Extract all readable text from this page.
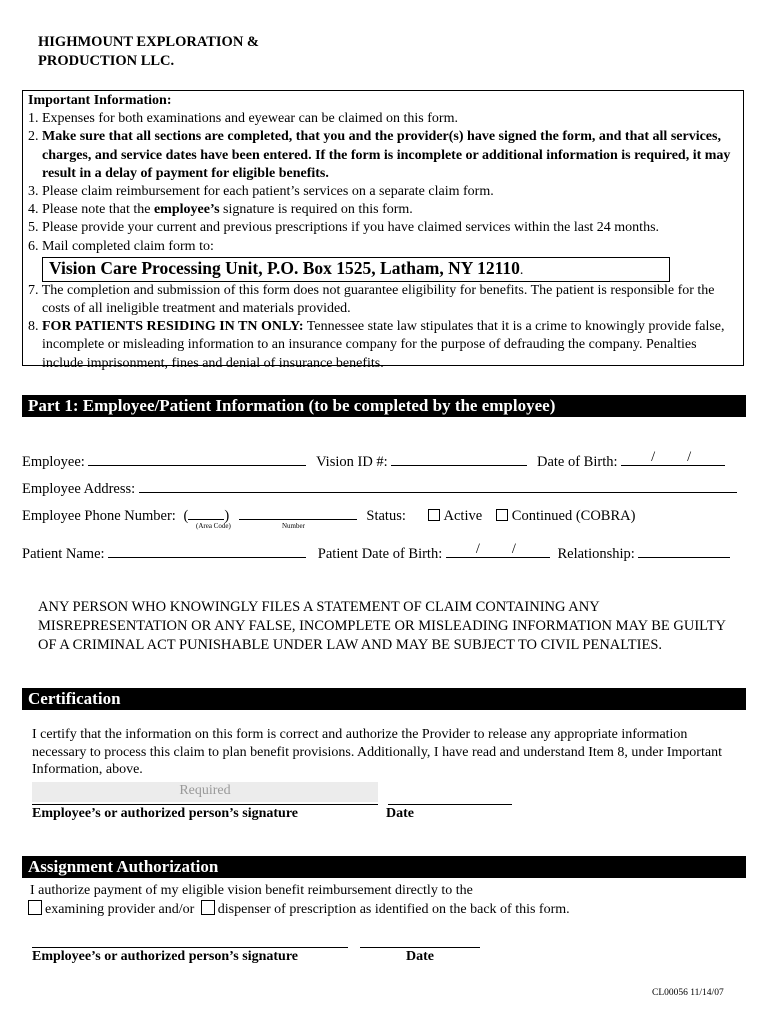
HIGHMOUNT EXPLORATION &
PRODUCTION LLC.
Important Information:
1. Expenses for both examinations and eyewear can be claimed on this form.
2. Make sure that all sections are completed, that you and the provider(s) have signed the form, and that all services, charges, and service dates have been entered. If the form is incomplete or additional information is required, it may result in a delay of payment for eligible benefits.
3. Please claim reimbursement for each patient’s services on a separate claim form.
4. Please note that the employee’s signature is required on this form.
5. Please provide your current and previous prescriptions if you have claimed services within the last 24 months.
6. Mail completed claim form to:
Vision Care Processing Unit, P.O. Box 1525, Latham, NY 12110.
7. The completion and submission of this form does not guarantee eligibility for benefits. The patient is responsible for the costs of all ineligible treatment and materials provided.
8. FOR PATIENTS RESIDING IN TN ONLY: Tennessee state law stipulates that it is a crime to knowingly provide false, incomplete or misleading information to an insurance company for the purpose of defrauding the company. Penalties include imprisonment, fines and denial of insurance benefits.
Part 1: Employee/Patient Information (to be completed by the employee)
Employee:	Vision ID #:	Date of Birth: / /
Employee Address:
Employee Phone Number: ( )	Status:	Active Continued (COBRA)
(Area Code)	Number
Patient Name:	Patient Date of Birth: / /	Relationship:
ANY PERSON WHO KNOWINGLY FILES A STATEMENT OF CLAIM CONTAINING ANY MISREPRESENTATION OR ANY FALSE, INCOMPLETE OR MISLEADING INFORMATION MAY BE GUILTY OF A CRIMINAL ACT PUNISHABLE UNDER LAW AND MAY BE SUBJECT TO CIVIL PENALTIES.
Certification
I certify that the information on this form is correct and authorize the Provider to release any appropriate information necessary to process this claim to plan benefit provisions. Additionally, I have read and understand Item 8, under Important Information, above.
Required
Employee’s or authorized person’s signature	Date
Assignment Authorization
I authorize payment of my eligible vision benefit reimbursement directly to the
examining provider and/or dispenser of prescription as identified on the back of this form.
Employee’s or authorized person’s signature	Date
CL00056 11/14/07
